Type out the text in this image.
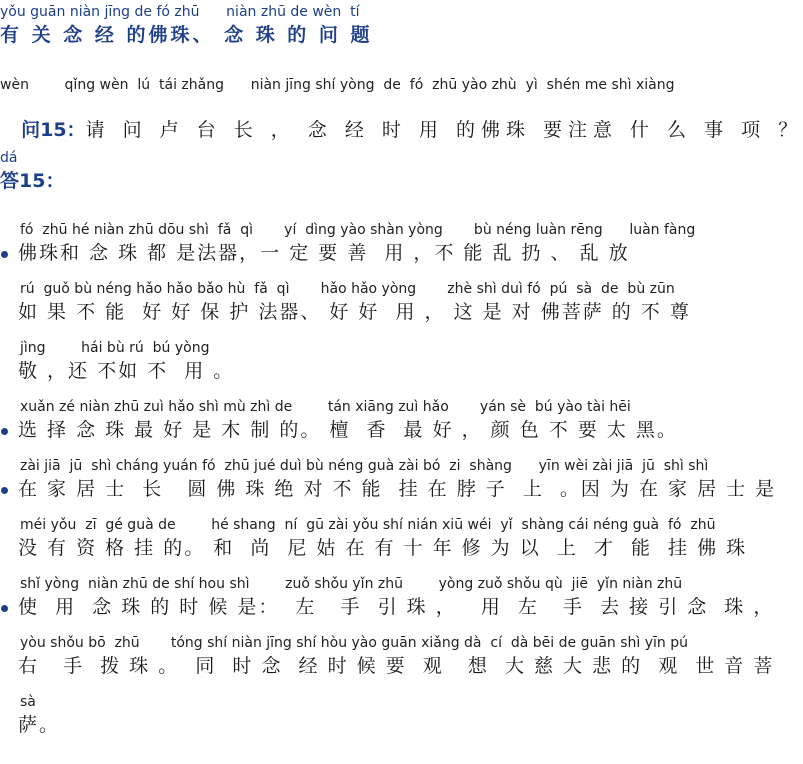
yǒu guān niàn jīng de fó zhū      niàn zhū de wèn  tí
有 关 念 经 的佛珠、 念 珠 的 问 题
wèn        qǐng wèn  lú  tái zhǎng      niàn jīng shí yòng  de  fó  zhū yào zhù  yì  shén me shì xiàng

问15：请 问 卢 台 长 ， 念 经 时 用 的佛珠 要注意 什 么 事 项 ？

dá
答15：
fó  zhū hé niàn zhū dōu shì  fǎ  qì       yí  dìng yào shàn yòng       bù néng luàn rēng      luàn fàng
佛珠和 念 珠 都 是法器，一 定 要 善  用 ，不 能 乱 扔 、 乱 放
rú  guǒ bù néng hǎo hǎo bǎo hù  fǎ  qì       hǎo hǎo yòng       zhè shì duì fó  pú  sà  de  bù zūn
如 果 不 能  好 好 保 护 法器、 好 好  用 ， 这 是 对 佛菩萨 的 不 尊
jìng        hái bù rú  bú yòng
敬 ，还 不如 不  用 。
xuǎn zé niàn zhū zuì hǎo shì mù zhì de        tán xiāng zuì hǎo       yán sè  bú yào tài hēi
选 择 念 珠 最 好 是 木 制 的。 檀  香  最 好 ， 颜 色 不 要 太 黑。
zài jiā  jū  shì cháng yuán fó  zhū jué duì bù néng guà zài bó  zi  shàng      yīn wèi zài jiā  jū  shì shì
在 家 居 士  长   圆 佛 珠 绝 对 不 能  挂 在 脖 子  上  。因 为 在 家 居 士 是
méi yǒu  zī  gé guà de        hé shang  ní  gū zài yǒu shí nián xiū wéi  yǐ  shàng cái néng guà  fó  zhū
没 有 资 格 挂 的。 和  尚  尼 姑 在 有 十 年 修 为 以  上  才  能  挂 佛 珠
shǐ yòng  niàn zhū de shí hou shì        zuǒ shǒu yǐn zhū        yòng zuǒ shǒu qù  jiē  yǐn niàn zhū
使  用  念 珠 的 时 候 是：  左   手  引 珠 ，   用  左   手  去 接 引 念  珠 ，
yòu shǒu bō  zhū       tóng shí niàn jīng shí hòu yào guān xiǎng dà  cí  dà bēi de guān shì yīn pú
右   手  拨 珠 。  同  时 念  经 时 候 要  观   想  大 慈 大 悲 的  观  世 音 菩
sà
萨。
